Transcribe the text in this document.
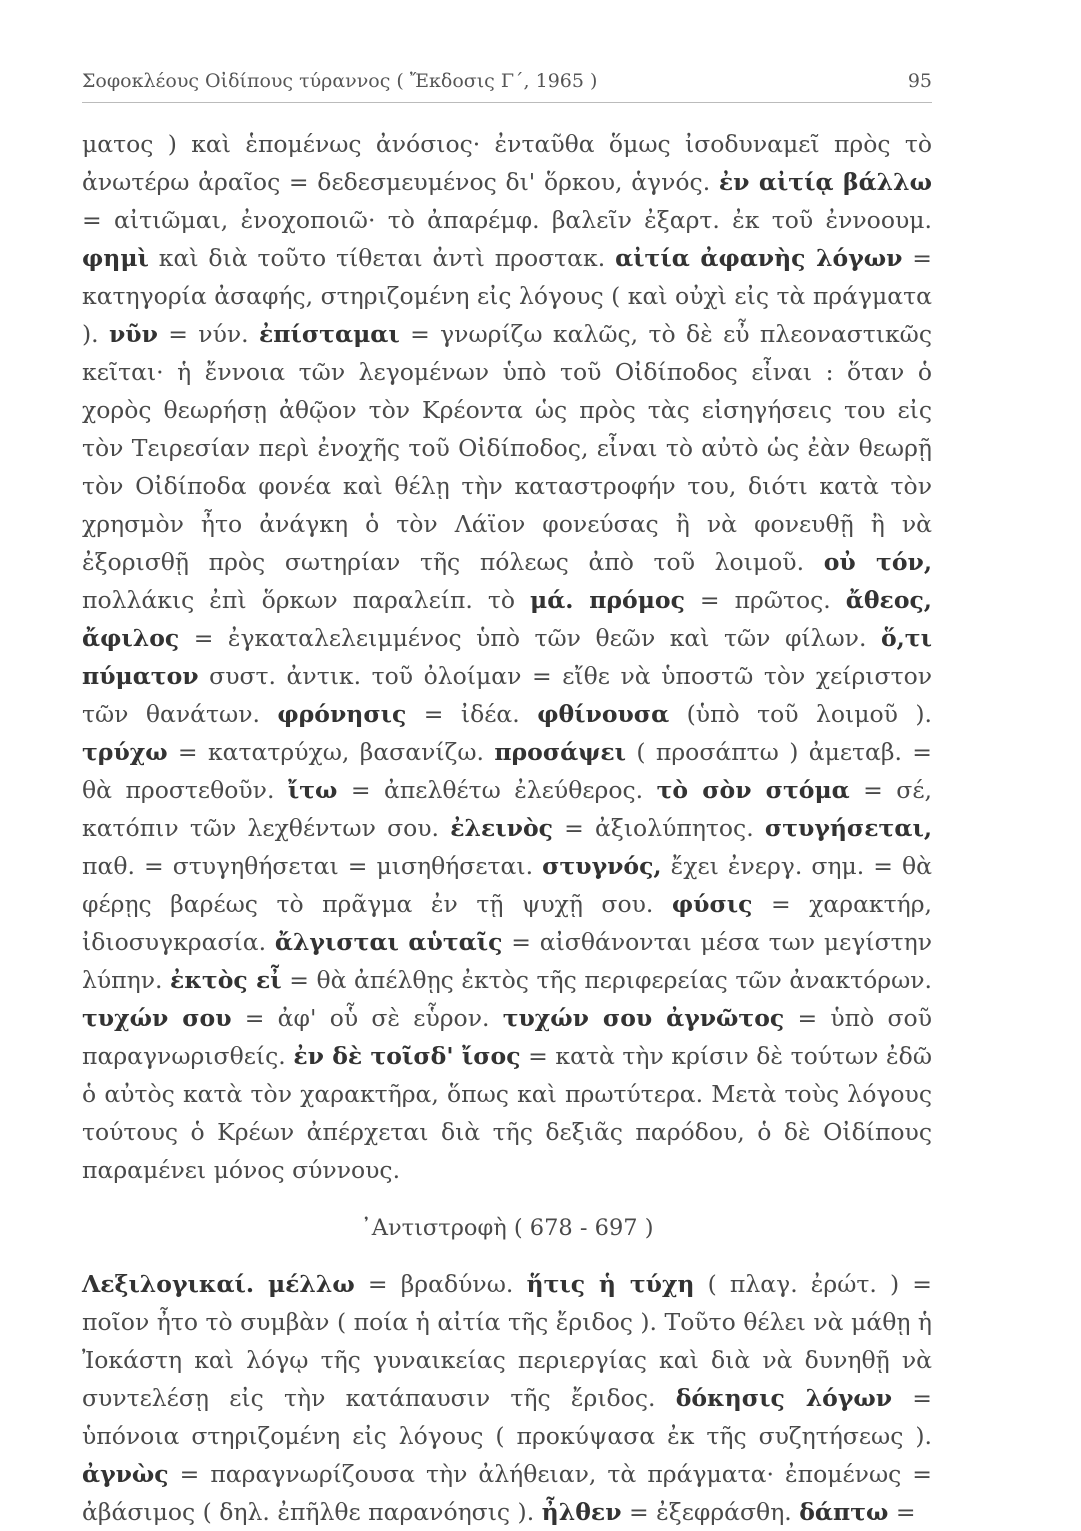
Σοφοκλέους Οἰδίπους τύραννος ( Ἔκδοσις Γ΄, 1965 )	95

ματος ) καὶ ἑπομένως ἀνόσιος· ἐνταῦθα ὅμως ἰσοδυναμεῖ πρὸς τὸ ἀνωτέρω ἀραῖος = δεδεσμευμένος δι' ὅρκου, ἁγνός. ἐν αἰτίᾳ βάλλω = αἰτιῶμαι, ἐνοχοποιῶ· τὸ ἀπαρέμφ. βαλεῖν ἐξαρτ. ἐκ τοῦ ἐννοουμ. φημὶ καὶ διὰ τοῦτο τίθεται ἀντὶ προστακ. αἰτία ἀφανὴς λόγων = κατηγορία ἀσαφής, στηριζομένη εἰς λόγους ( καὶ οὐχὶ εἰς τὰ πράγματα ). νῦν = νύν. ἐπίσταμαι = γνωρίζω καλῶς, τὸ δὲ εὖ πλεοναστικῶς κεῖται· ἡ ἔννοια τῶν λεγομένων ὑπὸ τοῦ Οἰδίποδος εἶναι : ὅταν ὁ χορὸς θεωρήσῃ ἀθῷον τὸν Κρέοντα ὡς πρὸς τὰς εἰσηγήσεις του εἰς τὸν Τειρεσίαν περὶ ἐνοχῆς τοῦ Οἰδίποδος, εἶναι τὸ αὐτὸ ὡς ἐὰν θεωρῇ τὸν Οἰδίποδα φονέα καὶ θέλῃ τὴν καταστροφήν του, διότι κατὰ τὸν χρησμὸν ἦτο ἀνάγκη ὁ τὸν Λάϊον φονεύσας ἢ νὰ φονευθῇ ἢ νὰ ἐξορισθῇ πρὸς σωτηρίαν τῆς πόλεως ἀπὸ τοῦ λοιμοῦ. οὐ τόν, πολλάκις ἐπὶ ὅρκων παραλείπ. τὸ μά. πρόμος = πρῶτος. ἄθεος, ἄφιλος = ἐγκαταλελειμμένος ὑπὸ τῶν θεῶν καὶ τῶν φίλων. ὅ,τι πύματον συστ. ἀντικ. τοῦ ὀλοίμαν = εἴθε νὰ ὑποστῶ τὸν χείριστον τῶν θανάτων. φρόνησις = ἰδέα. φθίνουσα (ὑπὸ τοῦ λοιμοῦ ). τρύχω = κατατρύχω, βασανίζω. προσάψει ( προσάπτω ) ἀμεταβ. = θὰ προστεθοῦν. ἴτω = ἀπελθέτω ἐλεύθερος. τὸ σὸν στόμα = σέ, κατόπιν τῶν λεχθέντων σου. ἐλεινὸς = ἀξιολύπητος. στυγήσεται, παθ. = στυγηθήσεται = μισηθήσεται. στυγνός, ἔχει ἐνεργ. σημ. = θὰ φέρῃς βαρέως τὸ πρᾶγμα ἐν τῇ ψυχῇ σου. φύσις = χαρακτήρ, ἰδιοσυγκρασία. ἄλγισται αὑταῖς = αἰσθάνονται μέσα των μεγίστην λύπην. ἐκτὸς εἶ = θὰ ἀπέλθῃς ἐκτὸς τῆς περιφερείας τῶν ἀνακτόρων. τυχών σου = ἀφ' οὗ σὲ εὗρον. τυχών σου ἀγνῶτος = ὑπὸ σοῦ παραγνωρισθείς. ἐν δὲ τοῖσδ' ἴσος = κατὰ τὴν κρίσιν δὲ τούτων ἐδῶ ὁ αὐτὸς κατὰ τὸν χαρακτῆρα, ὅπως καὶ πρωτύτερα. Μετὰ τοὺς λόγους τούτους ὁ Κρέων ἀπέρχεται διὰ τῆς δεξιᾶς παρόδου, ὁ δὲ Οἰδίπους παραμένει μόνος σύννους.

᾿Αντιστροφὴ ( 678 - 697 )

Λεξιλογικαί. μέλλω = βραδύνω. ἥτις ἡ τύχη ( πλαγ. ἐρώτ. ) = ποῖον ἦτο τὸ συμβὰν ( ποία ἡ αἰτία τῆς ἔριδος ). Τοῦτο θέλει νὰ μάθῃ ἡ Ἰοκάστη καὶ λόγῳ τῆς γυναικείας περιεργίας καὶ διὰ νὰ δυνηθῇ νὰ συντελέσῃ εἰς τὴν κατάπαυσιν τῆς ἔριδος. δόκησις λόγων = ὑπόνοια στηριζομένη εἰς λόγους ( προκύψασα ἐκ τῆς συζητήσεως ). ἀγνὼς = παραγνωρίζουσα τὴν ἀλήθειαν, τὰ πράγματα· ἐπομένως = ἀβάσιμος ( δηλ. ἐπῆλθε παρανόησις ). ἦλθεν = ἐξεφράσθη. δάπτω =
